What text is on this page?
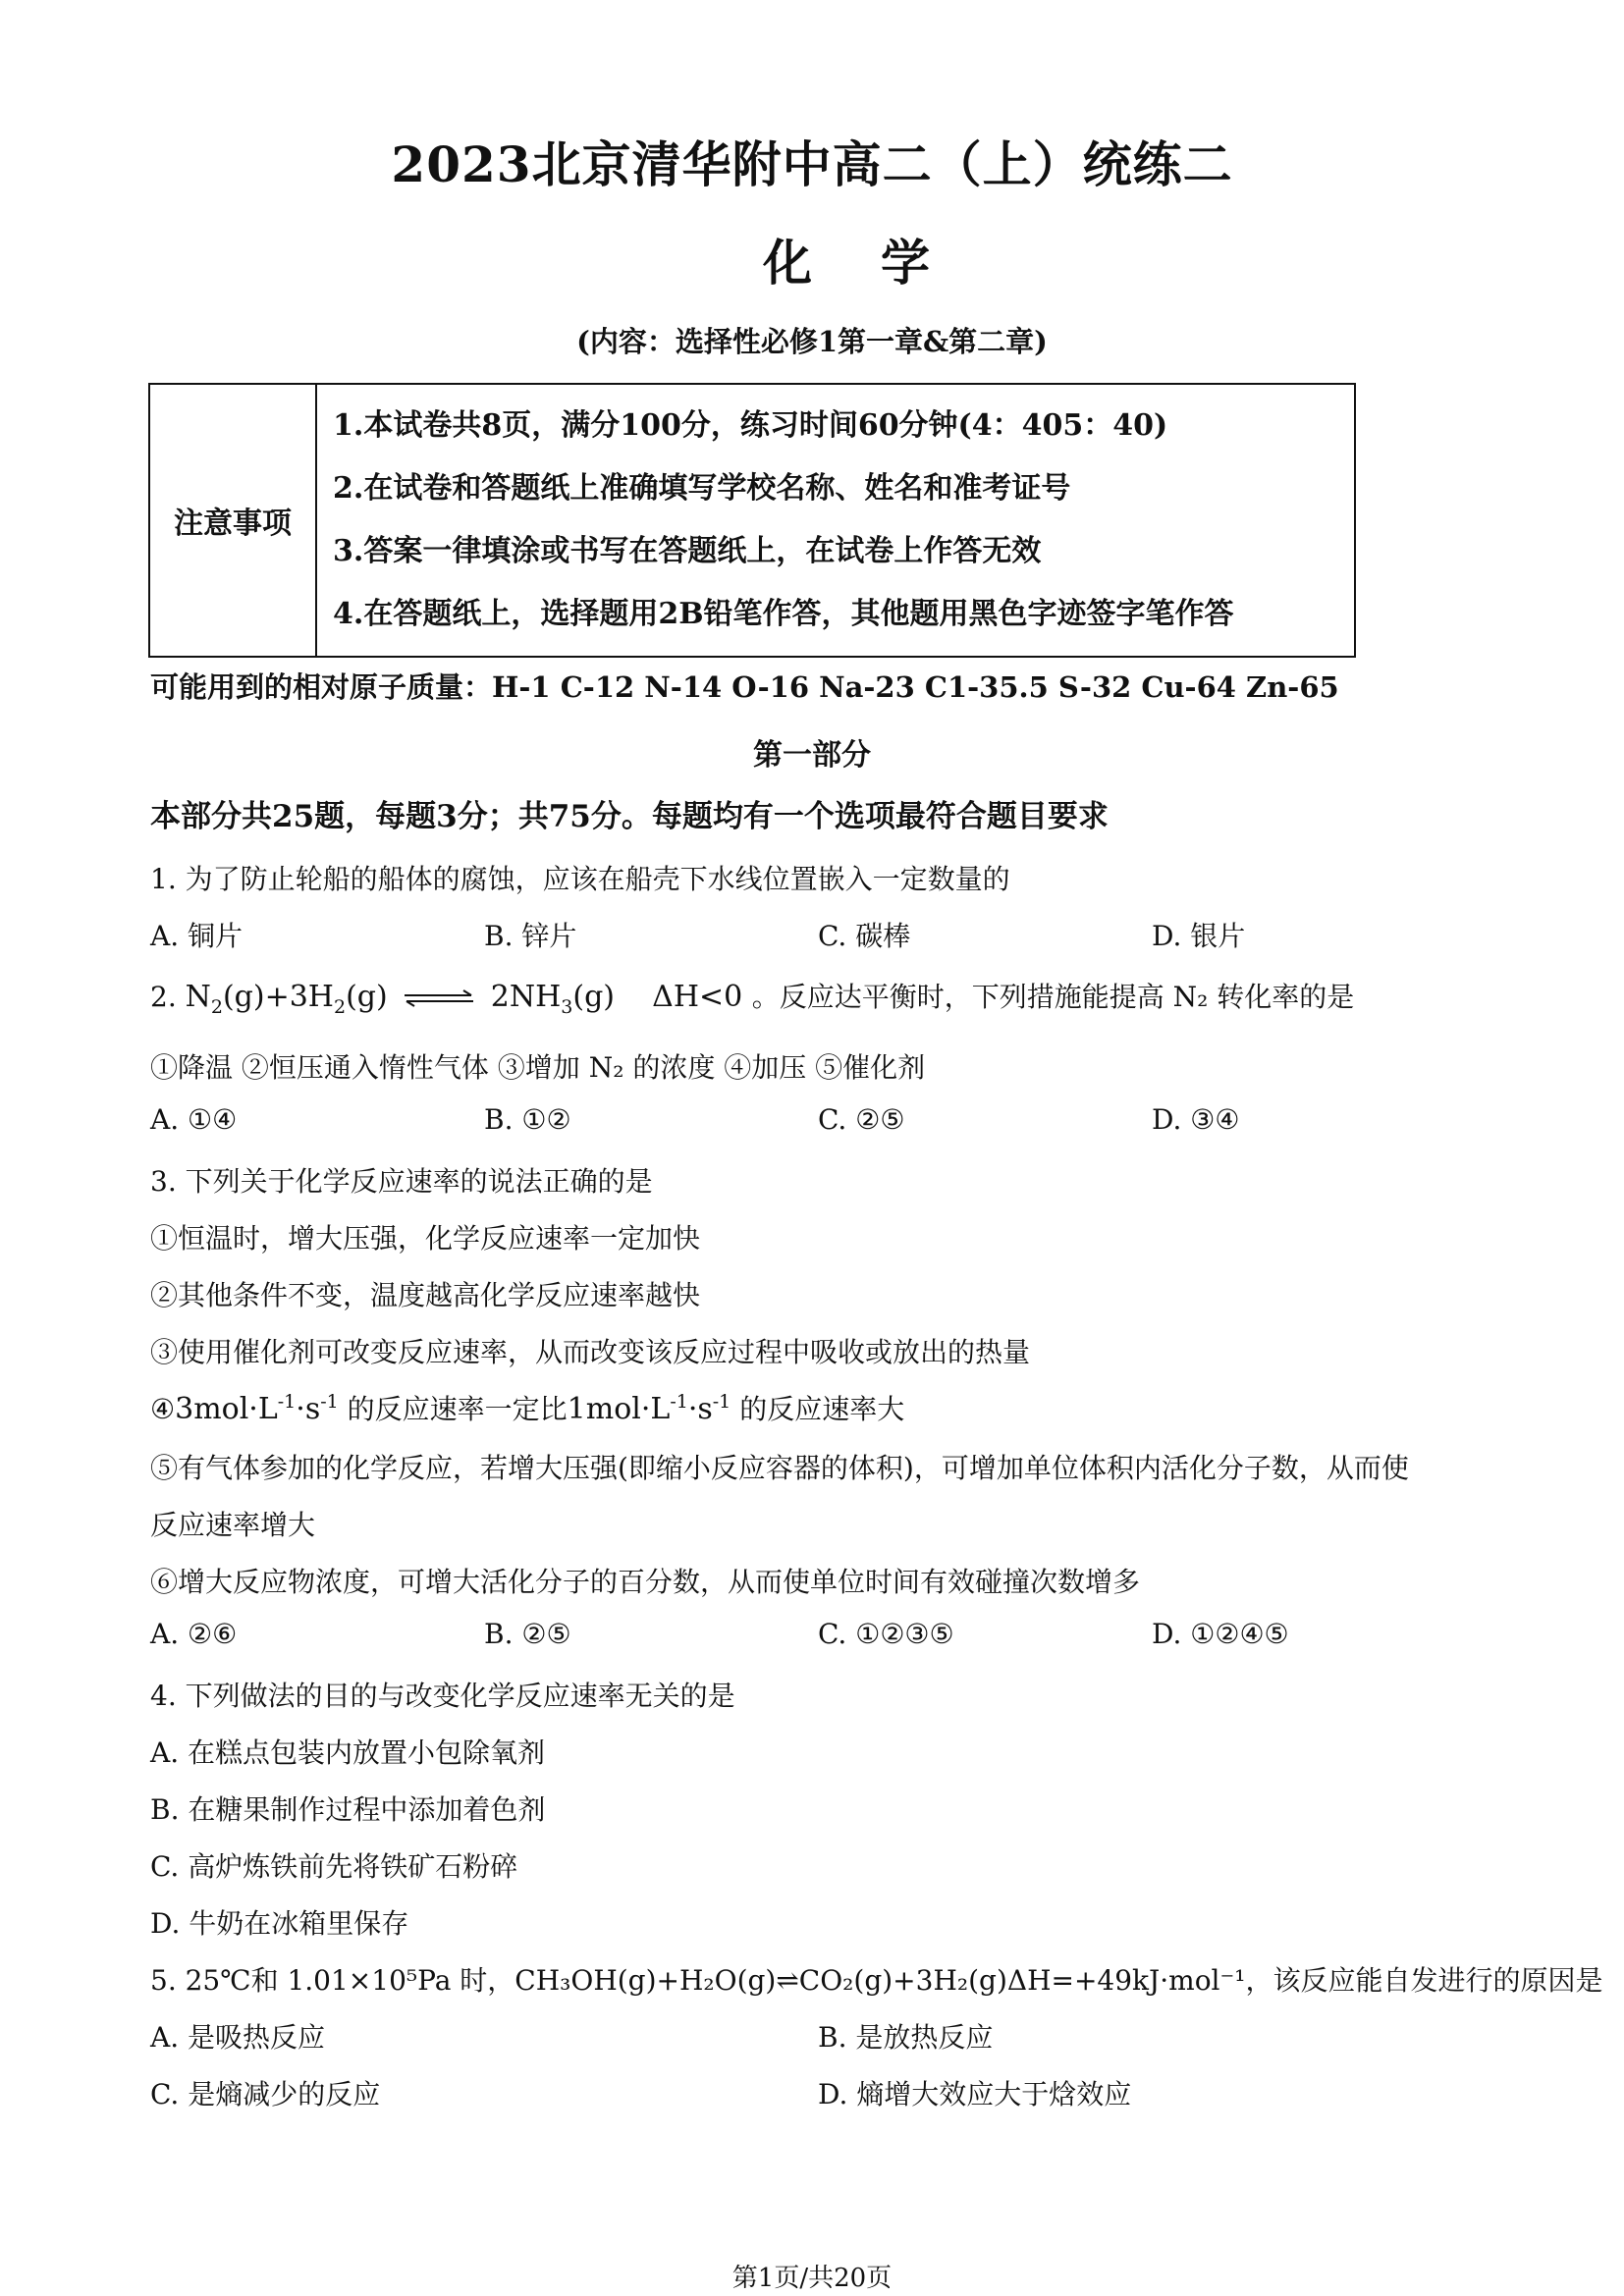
2023北京清华附中高二（上）统练二
化学
(内容：选择性必修1第一章&第二章)
注意事项
1.本试卷共8页，满分100分，练习时间60分钟(4：405：40)
2.在试卷和答题纸上准确填写学校名称、姓名和准考证号
3.答案一律填涂或书写在答题纸上，在试卷上作答无效
4.在答题纸上，选择题用2B铅笔作答，其他题用黑色字迹签字笔作答
可能用到的相对原子质量：H-1 C-12 N-14 O-16 Na-23 C1-35.5 S-32 Cu-64 Zn-65
第一部分
本部分共25题，每题3分；共75分。每题均有一个选项最符合题目要求
1. 为了防止轮船的船体的腐蚀，应该在船壳下水线位置嵌入一定数量的
A. 铜片	B. 锌片	C. 碳棒	D. 银片
2. $N_2(g)+3H_2(g)$ ⇌ $2NH_3(g)$ ΔH<0 。反应达平衡时，下列措施能提高 N₂ 转化率的是
①降温 ②恒压通入惰性气体 ③增加 N₂ 的浓度 ④加压 ⑤催化剂
A. ①④	B. ①②	C. ②⑤	D. ③④
3. 下列关于化学反应速率的说法正确的是
①恒温时，增大压强，化学反应速率一定加快
②其他条件不变，温度越高化学反应速率越快
③使用催化剂可改变反应速率，从而改变该反应过程中吸收或放出的热量
$④3mol\cdot L^{-1}\cdot s^{-1}$ 的反应速率一定比$1mol\cdot L^{-1}\cdot s^{-1}$ 的反应速率大
⑤有气体参加的化学反应，若增大压强(即缩小反应容器的体积)，可增加单位体积内活化分子数，从而使
反应速率增大
⑥增大反应物浓度，可增大活化分子的百分数，从而使单位时间有效碰撞次数增多
A. ②⑥	B. ②⑤	C. ①②③⑤	D. ①②④⑤
4. 下列做法的目的与改变化学反应速率无关的是
A. 在糕点包装内放置小包除氧剂
B. 在糖果制作过程中添加着色剂
C. 高炉炼铁前先将铁矿石粉碎
D. 牛奶在冰箱里保存
5. 25℃和 1.01×10⁵Pa 时，CH₃OH(g)+H₂O(g)⇌CO₂(g)+3H₂(g)ΔH=+49kJ·mol⁻¹，该反应能自发进行的原因是
A. 是吸热反应	B. 是放热反应
C. 是熵减少的反应	D. 熵增大效应大于焓效应
第1页/共20页
